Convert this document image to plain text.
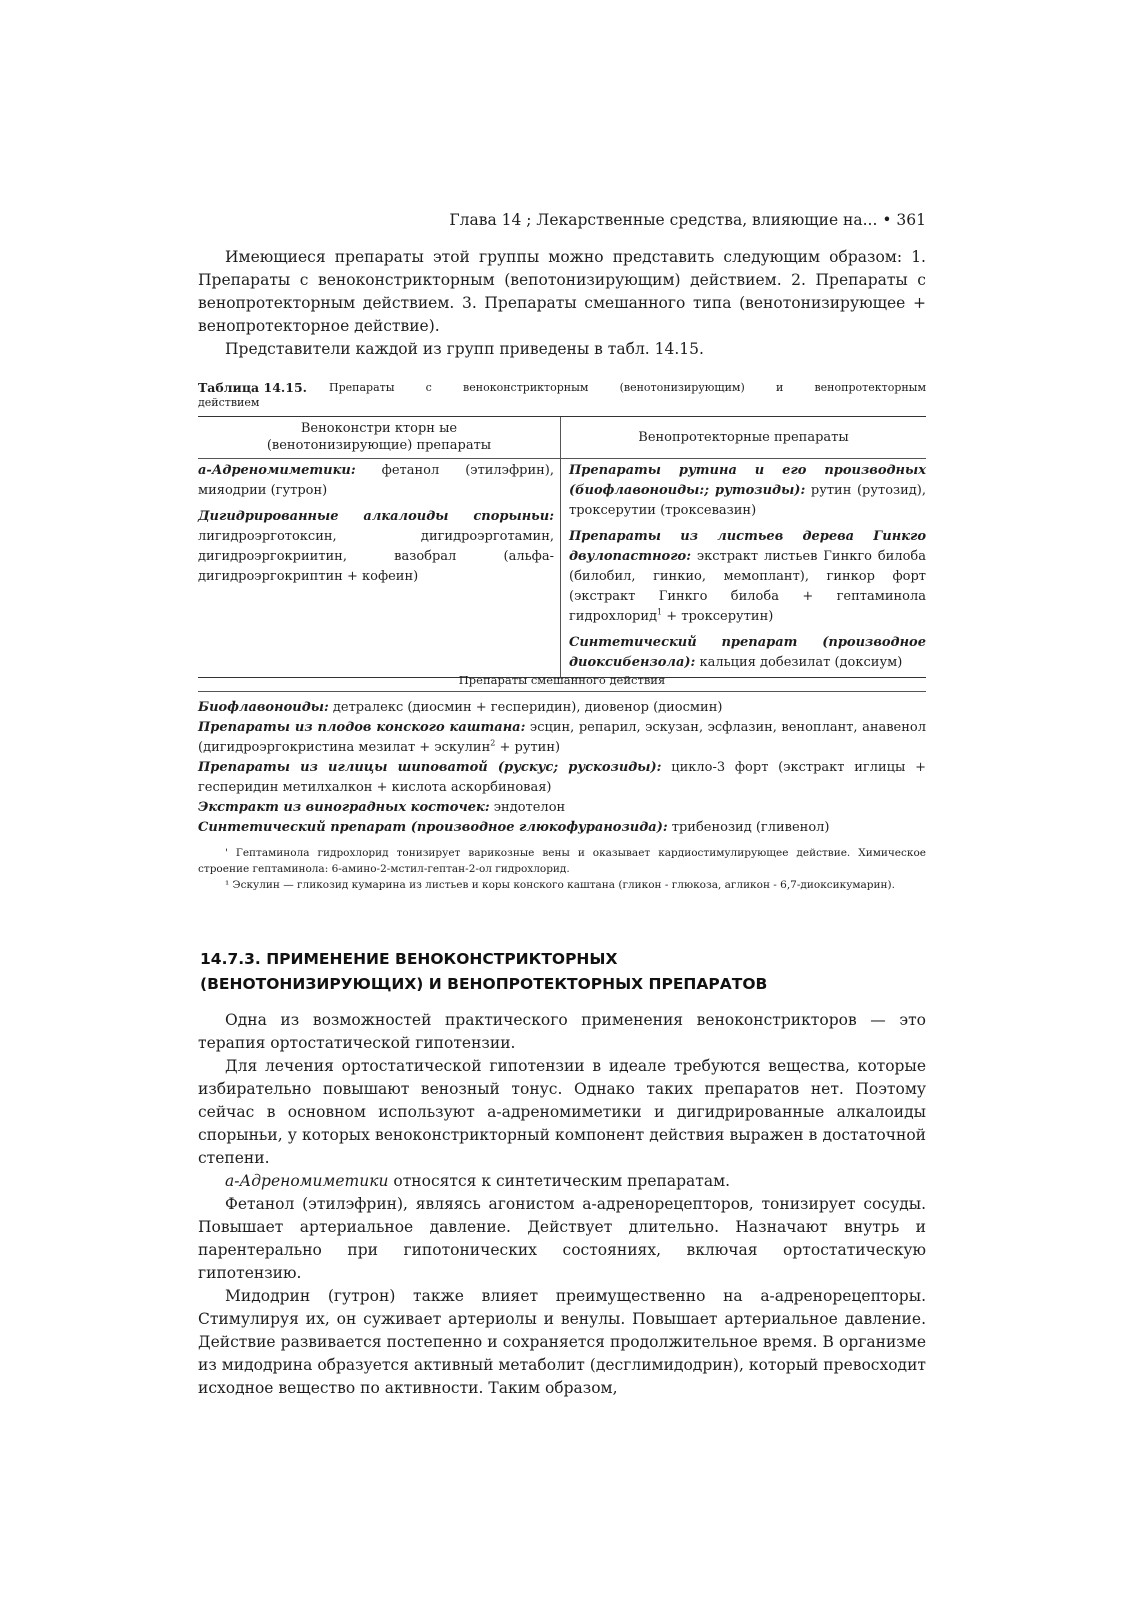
Глава 14 ; Лекарственные средства, влияющие на... • 361

Имеющиеся препараты этой группы можно представить следующим образом: 1. Препараты с веноконстрикторным (вепотонизирующим) действием. 2. Препараты с венопротекторным действием. 3. Препараты смешанного типа (венотонизирующее + венопротекторное действие).

Представители каждой из групп приведены в табл. 14.15.

Таблица 14.15. Препараты с веноконстрикторным (венотонизирующим) и венопротекторным
действием
Веноконстри кторн ые
(венотонизирующие) препараты
Венопротекторные препараты

а-Адреномиметики: фетанол (этилэфрин), мияодрии (гутрон)

Дигидрированные алкалоиды спорыньи: лигидроэрготоксин, дигидроэрготамин, дигидроэргокриитин, вазобрал (альфа-дигидроэргокриптин + кофеин)

Препараты рутина и его производных (биофлавоноиды:; рутозиды): рутин (рутозид), троксерутии (троксевазин)

Препараты из листьев дерева Гинкго двулопастного: экстракт листьев Гинкго билоба (билобил, гинкио, мемоплант), гинкор форт (экстракт Гинкго билоба + гептаминола гидрохлорид$^1$ + троксерутин)

Синтетический препарат (производное диоксибензола): кальция добезилат (доксиум)

Препараты смешанного действия

Биофлавоноиды: детралекс (диосмин + гесперидин), диовенор (диосмин)

Препараты из плодов конского каштана: эсцин, репарил, эскузан, эсфлазин, веноплант, анавенол (дигидроэргокристина мезилат + эскулин$^2$ + рутин)

Препараты из иглицы шиповатой (рускус; рускозиды): цикло-3 форт (экстракт иглицы + гесперидин метилхалкон + кислота аскорбиновая)

Экстракт из виноградных косточек: эндотелон

Синтетический препарат (производное глюкофуранозида): трибенозид (гливенол)

' Гептаминола гидрохлорид тонизирует варикозные вены и оказывает кардиостимулирующее действие. Химическое строение гептаминола: 6-амино-2-мстил-гептан-2-ол гидрохлорид.

¹ Эскулин — гликозид кумарина из листьев и коры конского каштана (гликон - глюкоза, агликон - 6,7-диоксикумарин).

14.7.3. ПРИМЕНЕНИЕ ВЕНОКОНСТРИКТОРНЫХ
(ВЕНОТОНИЗИРУЮЩИХ) И ВЕНОПРОТЕКТОРНЫХ ПРЕПАРАТОВ

Одна из возможностей практического применения веноконстрикторов — это терапия ортостатической гипотензии.

Для лечения ортостатической гипотензии в идеале требуются вещества, которые избирательно повышают венозный тонус. Однако таких препаратов нет. Поэтому сейчас в основном используют а-адреномиметики и дигидрированные алкалоиды спорыньи, у которых веноконстрикторный компонент действия выражен в достаточной степени.

а-Адреномиметики относятся к синтетическим препаратам.

Фетанол (этилэфрин), являясь агонистом а-адренорецепторов, тонизирует сосуды. Повышает артериальное давление. Действует длительно. Назначают внутрь и парентерально при гипотонических состояниях, включая ортостатическую гипотензию.

Мидодрин (гутрон) также влияет преимущественно на а-адренорецепторы. Стимулируя их, он суживает артериолы и венулы. Повышает артериальное давление. Действие развивается постепенно и сохраняется продолжительное время. В организме из мидодрина образуется активный метаболит (десглимидодрин), который превосходит исходное вещество по активности. Таким образом,
